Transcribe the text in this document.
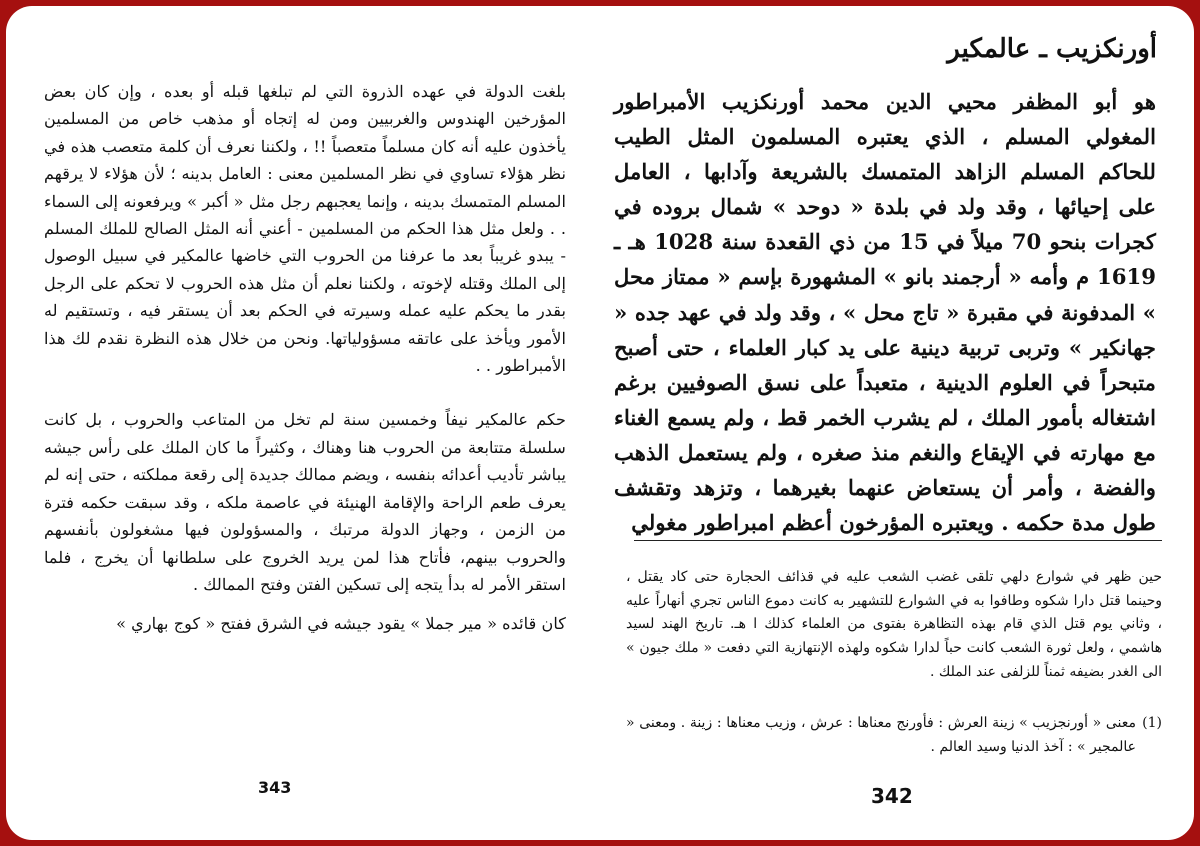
بلغت الدولة في عهده الذروة التي لم تبلغها قبله أو بعده ، وإن كان بعض المؤرخين الهندوس والغربيين ومن له إتجاه أو مذهب خاص من المسلمين يأخذون عليه أنه كان مسلماً متعصباً !! ، ولكننا نعرف أن كلمة متعصب هذه في نظر هؤلاء تساوي في نظر المسلمين معنى : العامل بدينه ؛ لأن هؤلاء لا يرقهم المسلم المتمسك بدينه ، وإنما يعجبهم رجل مثل « أكبر » ويرفعونه إلى السماء . . ولعل مثل هذا الحكم من المسلمين - أعني أنه المثل الصالح للملك المسلم - يبدو غريباً بعد ما عرفنا من الحروب التي خاضها عالمكير في سبيل الوصول إلى الملك وقتله لإخوته ، ولكننا نعلم أن مثل هذه الحروب لا تحكم على الرجل بقدر ما يحكم عليه عمله وسيرته في الحكم بعد أن يستقر فيه ، وتستقيم له الأمور ويأخذ على عاتقه مسؤولياتها. ونحن من خلال هذه النظرة نقدم لك هذا الأمبراطور . .

حكم عالمكير نيفاً وخمسين سنة لم تخل من المتاعب والحروب ، بل كانت سلسلة متتابعة من الحروب هنا وهناك ، وكثيراً ما كان الملك على رأس جيشه يباشر تأديب أعدائه بنفسه ، ويضم ممالك جديدة إلى رقعة مملكته ، حتى إنه لم يعرف طعم الراحة والإقامة الهنيئة في عاصمة ملكه ، وقد سبقت حكمه فترة من الزمن ، وجهاز الدولة مرتبك ، والمسؤولون فيها مشغولون بأنفسهم والحروب بينهم، فأتاح هذا لمن يريد الخروج على سلطانها أن يخرج ، فلما استقر الأمر له بدأ يتجه إلى تسكين الفتن وفتح الممالك .

كان قائده « مير جملا » يقود جيشه في الشرق ففتح « كوج بهاري »

343
أورنكزيب ـ عالمكير

هو أبو المظفر محيي الدين محمد أورنكزيب الأمبراطور المغولي المسلم ، الذي يعتبره المسلمون المثل الطيب للحاكم المسلم الزاهد المتمسك بالشريعة وآدابها ، العامل على إحيائها ، وقد ولد في بلدة « دوحد » شمال بروده في كجرات بنحو 70 ميلاً في 15 من ذي القعدة سنة 1028 هـ ـ 1619 م وأمه « أرجمند بانو » المشهورة بإسم « ممتاز محل » المدفونة في مقبرة « تاج محل » ، وقد ولد في عهد جده « جهانكير » وتربى تربية دينية على يد كبار العلماء ، حتى أصبح متبحراً في العلوم الدينية ، متعبداً على نسق الصوفيين برغم اشتغاله بأمور الملك ، لم يشرب الخمر قط ، ولم يسمع الغناء مع مهارته في الإيقاع والنغم منذ صغره ، ولم يستعمل الذهب والفضة ، وأمر أن يستعاض عنهما بغيرهما ، وتزهد وتقشف طول مدة حكمه . ويعتبره المؤرخون أعظم امبراطور مغولي

حين ظهر في شوارع دلهي تلقى غضب الشعب عليه في قذائف الحجارة حتى كاد يقتل ، وحينما قتل دارا شكوه وطافوا به في الشوارع للتشهير به كانت دموع الناس تجري أنهاراً عليه ، وثاني يوم قتل الذي قام بهذه التظاهرة بفتوى من العلماء كذلك ا هـ. تاريخ الهند لسيد هاشمي ، ولعل ثورة الشعب كانت حباً لدارا شكوه ولهذه الإنتهازية التي دفعت « ملك جيون » الى الغدر بضيفه ثمناً للزلفى عند الملك .

(1)
معنى « أورنجزيب » زينة العرش : فأورنج معناها : عرش ، وزيب معناها : زينة . ومعنى « عالمجير » : آخذ الدنيا وسيد العالم .
342
